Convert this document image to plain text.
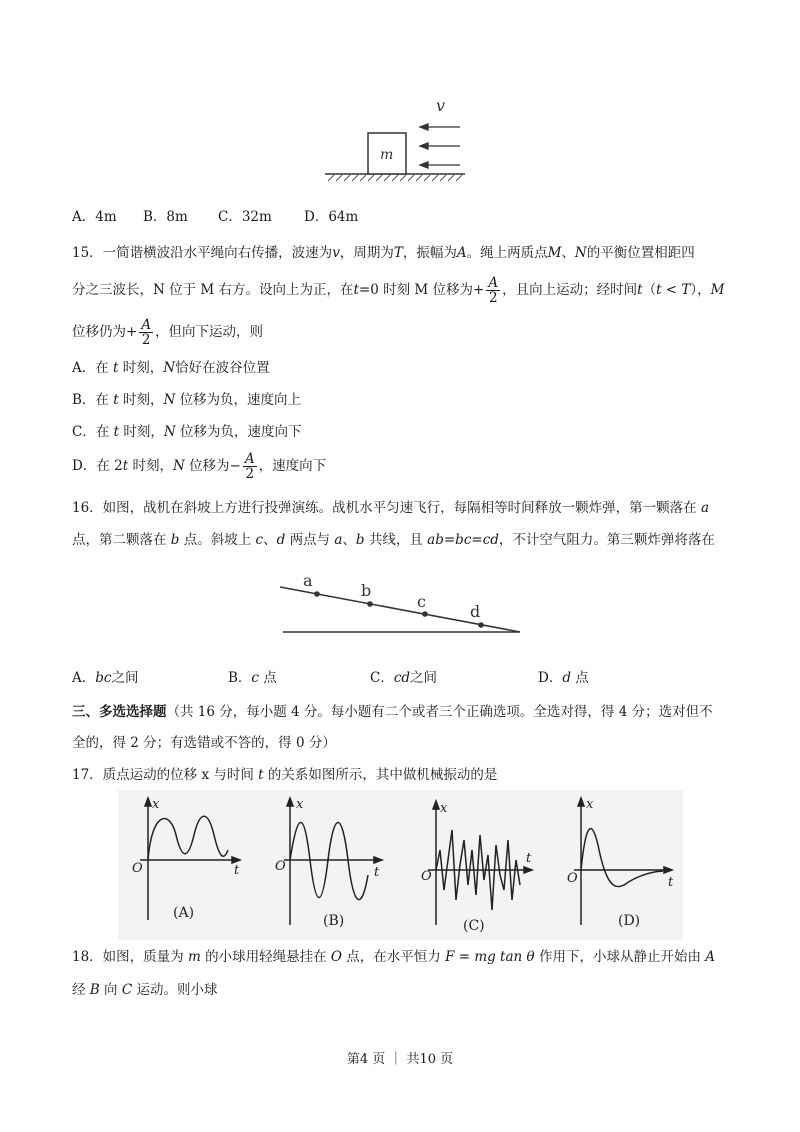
m
v
A．4m B．8m C．32m D．64m
15．一简谐横波沿水平绳向右传播，波速为v，周期为T，振幅为A。绳上两质点M、N的平衡位置相距四
分之三波长，N 位于 M 右方。设向上为正，在t=0 时刻 M 位移为+ $\frac{A}{2}$ ，且向上运动；经时间t（t < T），M
位移仍为+ $\frac{A}{2}$ ，但向下运动，则
A．在 t 时刻，N恰好在波谷位置
B．在 t 时刻，N 位移为负，速度向上
C．在 t 时刻，N 位移为负，速度向下
D．在 2t 时刻，N 位移为− $\frac{A}{2}$ ，速度向下
16．如图，战机在斜坡上方进行投弹演练。战机水平匀速飞行，每隔相等时间释放一颗炸弹，第一颗落在 a
点，第二颗落在 b 点。斜坡上 c、d 两点与 a、b 共线，且 ab=bc=cd，不计空气阻力。第三颗炸弹将落在
a
b
c
d
A．bc之间	B．c 点	C．cd之间	D．d 点
三、多选选择题（共 16 分，每小题 4 分。每小题有二个或者三个正确选项。全选对得，得 4 分；选对但不
全的，得 2 分；有选错或不答的，得 0 分）
17．质点运动的位移 x 与时间 t 的关系如图所示，其中做机械振动的是
x
t
O
(A)
x
t
O
(B)
x
t
O
(C)
x
t
O
(D)
18．如图，质量为 m 的小球用轻绳悬挂在 O 点，在水平恒力 F = mg tan θ 作用下，小球从静止开始由 A
经 B 向 C 运动。则小球
第4 页 ｜ 共10 页
